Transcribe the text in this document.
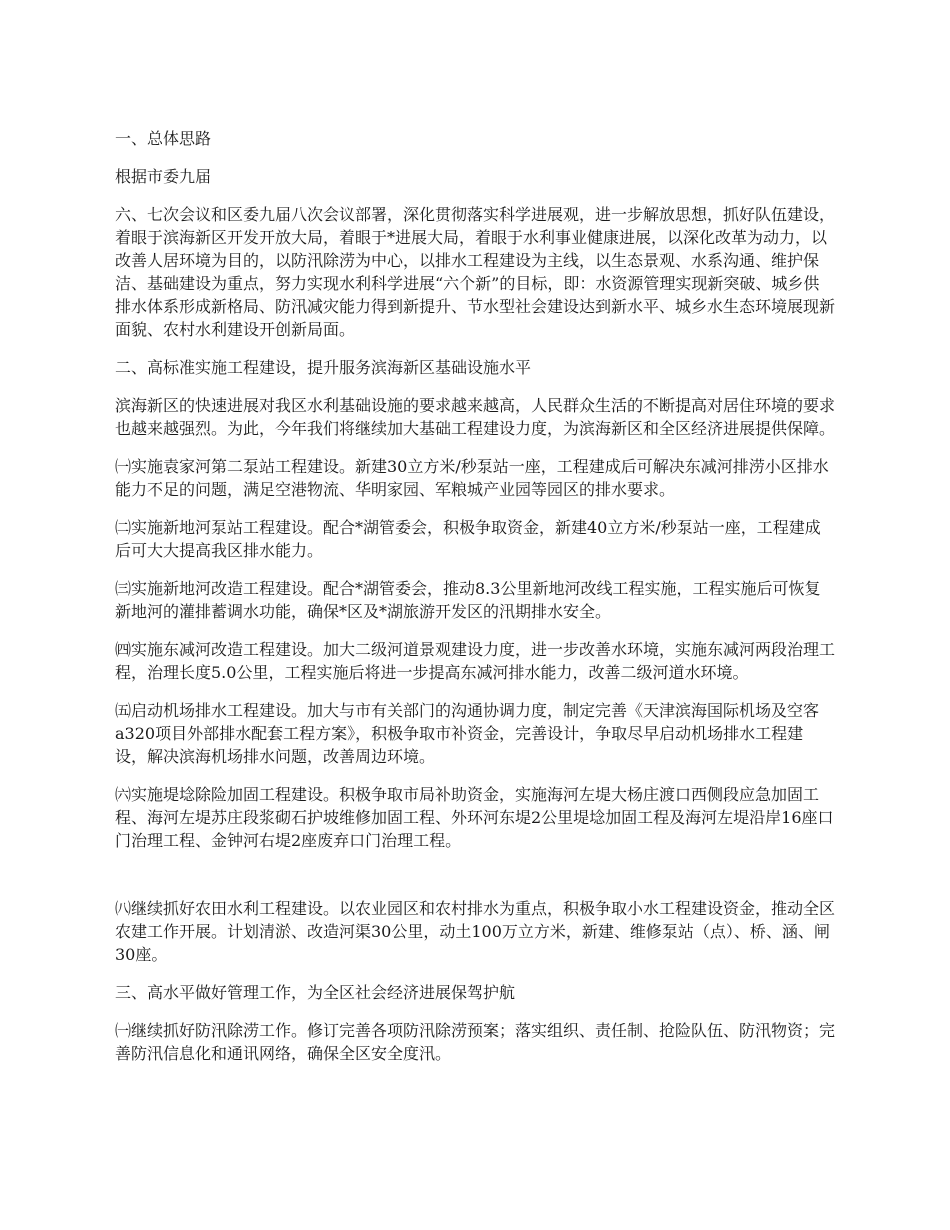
一、总体思路

根据市委九届

六、七次会议和区委九届八次会议部署，深化贯彻落实科学进展观，进一步解放思想，抓好队伍建设，着眼于滨海新区开发开放大局，着眼于*进展大局，着眼于水利事业健康进展，以深化改革为动力，以改善人居环境为目的，以防汛除涝为中心，以排水工程建设为主线，以生态景观、水系沟通、维护保洁、基础建设为重点，努力实现水利科学进展“六个新”的目标，即：水资源管理实现新突破、城乡供排水体系形成新格局、防汛减灾能力得到新提升、节水型社会建设达到新水平、城乡水生态环境展现新面貌、农村水利建设开创新局面。

二、高标准实施工程建设，提升服务滨海新区基础设施水平

滨海新区的快速进展对我区水利基础设施的要求越来越高，人民群众生活的不断提高对居住环境的要求也越来越强烈。为此，今年我们将继续加大基础工程建设力度，为滨海新区和全区经济进展提供保障。

㈠实施袁家河第二泵站工程建设。新建30立方米/秒泵站一座，工程建成后可解决东减河排涝小区排水能力不足的问题，满足空港物流、华明家园、军粮城产业园等园区的排水要求。

㈡实施新地河泵站工程建设。配合*湖管委会，积极争取资金，新建40立方米/秒泵站一座，工程建成后可大大提高我区排水能力。

㈢实施新地河改造工程建设。配合*湖管委会，推动8.3公里新地河改线工程实施，工程实施后可恢复新地河的灌排蓄调水功能，确保*区及*湖旅游开发区的汛期排水安全。

㈣实施东减河改造工程建设。加大二级河道景观建设力度，进一步改善水环境，实施东减河两段治理工程，治理长度5.0公里，工程实施后将进一步提高东减河排水能力，改善二级河道水环境。

㈤启动机场排水工程建设。加大与市有关部门的沟通协调力度，制定完善《天津滨海国际机场及空客a320项目外部排水配套工程方案》，积极争取市补资金，完善设计，争取尽早启动机场排水工程建设，解决滨海机场排水问题，改善周边环境。

㈥实施堤埝除险加固工程建设。积极争取市局补助资金，实施海河左堤大杨庄渡口西侧段应急加固工程、海河左堤苏庄段浆砌石护坡维修加固工程、外环河东堤2公里堤埝加固工程及海河左堤沿岸16座口门治理工程、金钟河右堤2座废弃口门治理工程。

㈧继续抓好农田水利工程建设。以农业园区和农村排水为重点，积极争取小水工程建设资金，推动全区农建工作开展。计划清淤、改造河渠30公里，动土100万立方米，新建、维修泵站（点）、桥、涵、闸30座。

三、高水平做好管理工作，为全区社会经济进展保驾护航

㈠继续抓好防汛除涝工作。修订完善各项防汛除涝预案；落实组织、责任制、抢险队伍、防汛物资；完善防汛信息化和通讯网络，确保全区安全度汛。
